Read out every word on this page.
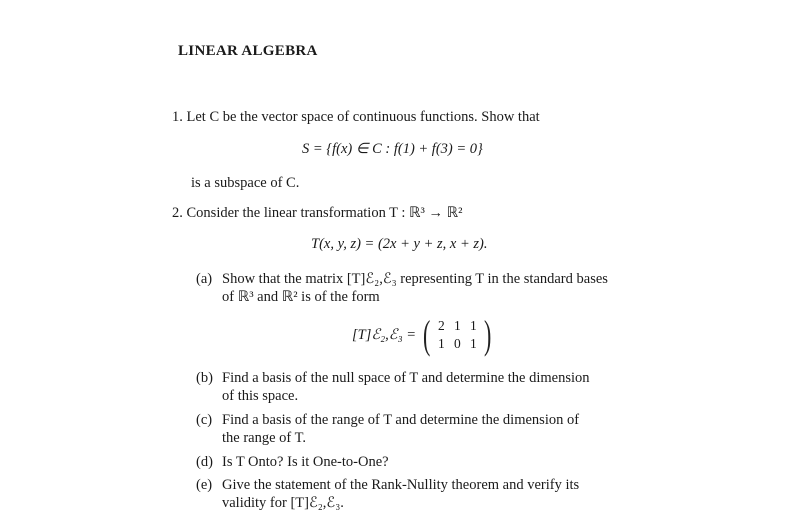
LINEAR ALGEBRA
1. Let C be the vector space of continuous functions. Show that
S = {f(x) ∈ C : f(1) + f(3) = 0}
is a subspace of C.
2. Consider the linear transformation T : ℝ³ → ℝ²
T(x, y, z) = (2x + y + z, x + z).
(a) Show that the matrix [T]ℰ₂,ℰ₃ representing T in the standard bases
of ℝ³ and ℝ² is of the form
[T]ℰ₂,ℰ₃ = ( 2 1 1
1 0 1 )
(b) Find a basis of the null space of T and determine the dimension
of this space.
(c) Find a basis of the range of T and determine the dimension of
the range of T.
(d) Is T Onto? Is it One-to-One?
(e) Give the statement of the Rank-Nullity theorem and verify its
validity for [T]ℰ₂,ℰ₃.
